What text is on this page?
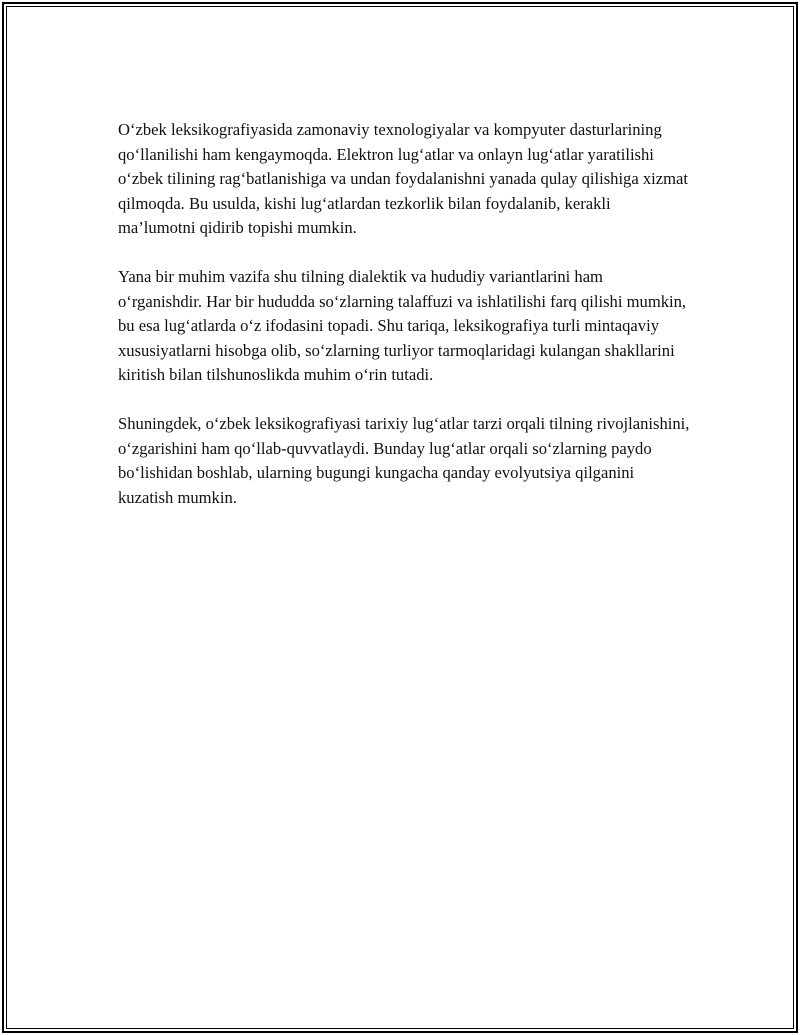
O‘zbek leksikografiyasida zamonaviy texnologiyalar va kompyuter dasturlarining qo‘llanilishi ham kengaymoqda. Elektron lug‘atlar va onlayn lug‘atlar yaratilishi o‘zbek tilining rag‘batlanishiga va undan foydalanishni yanada qulay qilishiga xizmat qilmoqda. Bu usulda, kishi lug‘atlardan tezkorlik bilan foydalanib, kerakli ma’lumotni qidirib topishi mumkin.

Yana bir muhim vazifa shu tilning dialektik va hududiy variantlarini ham o‘rganishdir. Har bir hududda so‘zlarning talaffuzi va ishlatilishi farq qilishi mumkin, bu esa lug‘atlarda o‘z ifodasini topadi. Shu tariqa, leksikografiya turli mintaqaviy xususiyatlarni hisobga olib, so‘zlarning turliyor tarmoqlaridagi kulangan shakllarini kiritish bilan tilshunoslikda muhim o‘rin tutadi.

Shuningdek, o‘zbek leksikografiyasi tarixiy lug‘atlar tarzi orqali tilning rivojlanishini, o‘zgarishini ham qo‘llab-quvvatlaydi. Bunday lug‘atlar orqali so‘zlarning paydo bo‘lishidan boshlab, ularning bugungi kungacha qanday evolyutsiya qilganini kuzatish mumkin.
